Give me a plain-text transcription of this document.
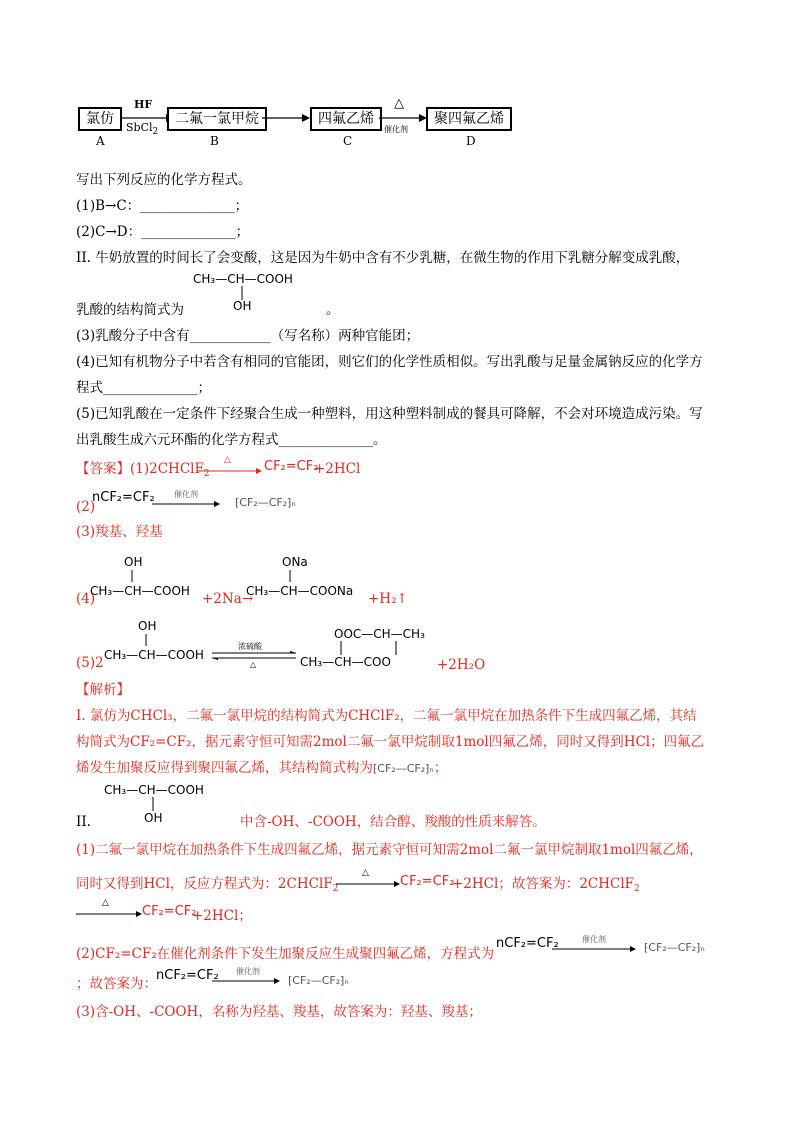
氯仿
A
HF
SbCl$_2$
二氟一氯甲烷
B
四氟乙烯
C
△
催化剂
聚四氟乙烯
D
写出下列反应的化学方程式。
(1)B→C：______________；
(2)C→D：______________；
II. 牛奶放置的时间长了会变酸，这是因为牛奶中含有不少乳糖，在微生物的作用下乳糖分解变成乳酸，
CH₃—CH—COOH
OH
乳酸的结构简式为	。
(3)乳酸分子中含有____________（写名称）两种官能团；
(4)已知有机物分子中若含有相同的官能团，则它们的化学性质相似。写出乳酸与足量金属钠反应的化学方
程式______________；
(5)已知乳酸在一定条件下经聚合生成一种塑料，用这种塑料制成的餐具可降解，不会对环境造成污染。写
出乳酸生成六元环酯的化学方程式______________。
【答案】(1)2CHClF$_2$
△	CF₂=CF₂
+2HCl
(2)
nCF₂=CF₂ 催化剂
⁅CF₂—CF₂⁆ₙ
(3)羧基、羟基
OH
(4)
CH₃—CH—COOH +2Na→
ONa
CH₃—CH—COONa +H₂↑
OH
(5)2 CH₃—CH—COOH
浓硫酸
△
OOC—CH—CH₃
CH₃—CH—COO	+2H₂O
【解析】
I. 氯仿为CHCl₃，二氟一氯甲烷的结构简式为CHClF₂，二氟一氯甲烷在加热条件下生成四氟乙烯，其结
构简式为CF₂=CF₂，据元素守恒可知需2mol二氟一氯甲烷制取1mol四氟乙烯，同时又得到HCl；四氟乙
烯发生加聚反应得到聚四氟乙烯，其结构简式构为⁅CF₂—CF₂⁆ₙ；
CH₃—CH—COOH
OH
II.	中含-OH、-COOH，结合醇、羧酸的性质来解答。
(1)二氟一氯甲烷在加热条件下生成四氟乙烯，据元素守恒可知需2mol二氟一氯甲烷制取1mol四氟乙烯，
同时又得到HCl，反应方程式为：2CHClF$_2$
△
CF₂=CF₂
+2HCl；故答案为：2CHClF$_2$
△
CF₂=CF₂
+2HCl；
(2)CF₂=CF₂在催化剂条件下发生加聚反应生成聚四氟乙烯，方程式为
nCF₂=CF₂	催化剂
⁅CF₂—CF₂⁆ₙ
；故答案为：
nCF₂=CF₂ 催化剂
⁅CF₂—CF₂⁆ₙ
(3)含-OH、-COOH，名称为羟基、羧基，故答案为：羟基、羧基；
